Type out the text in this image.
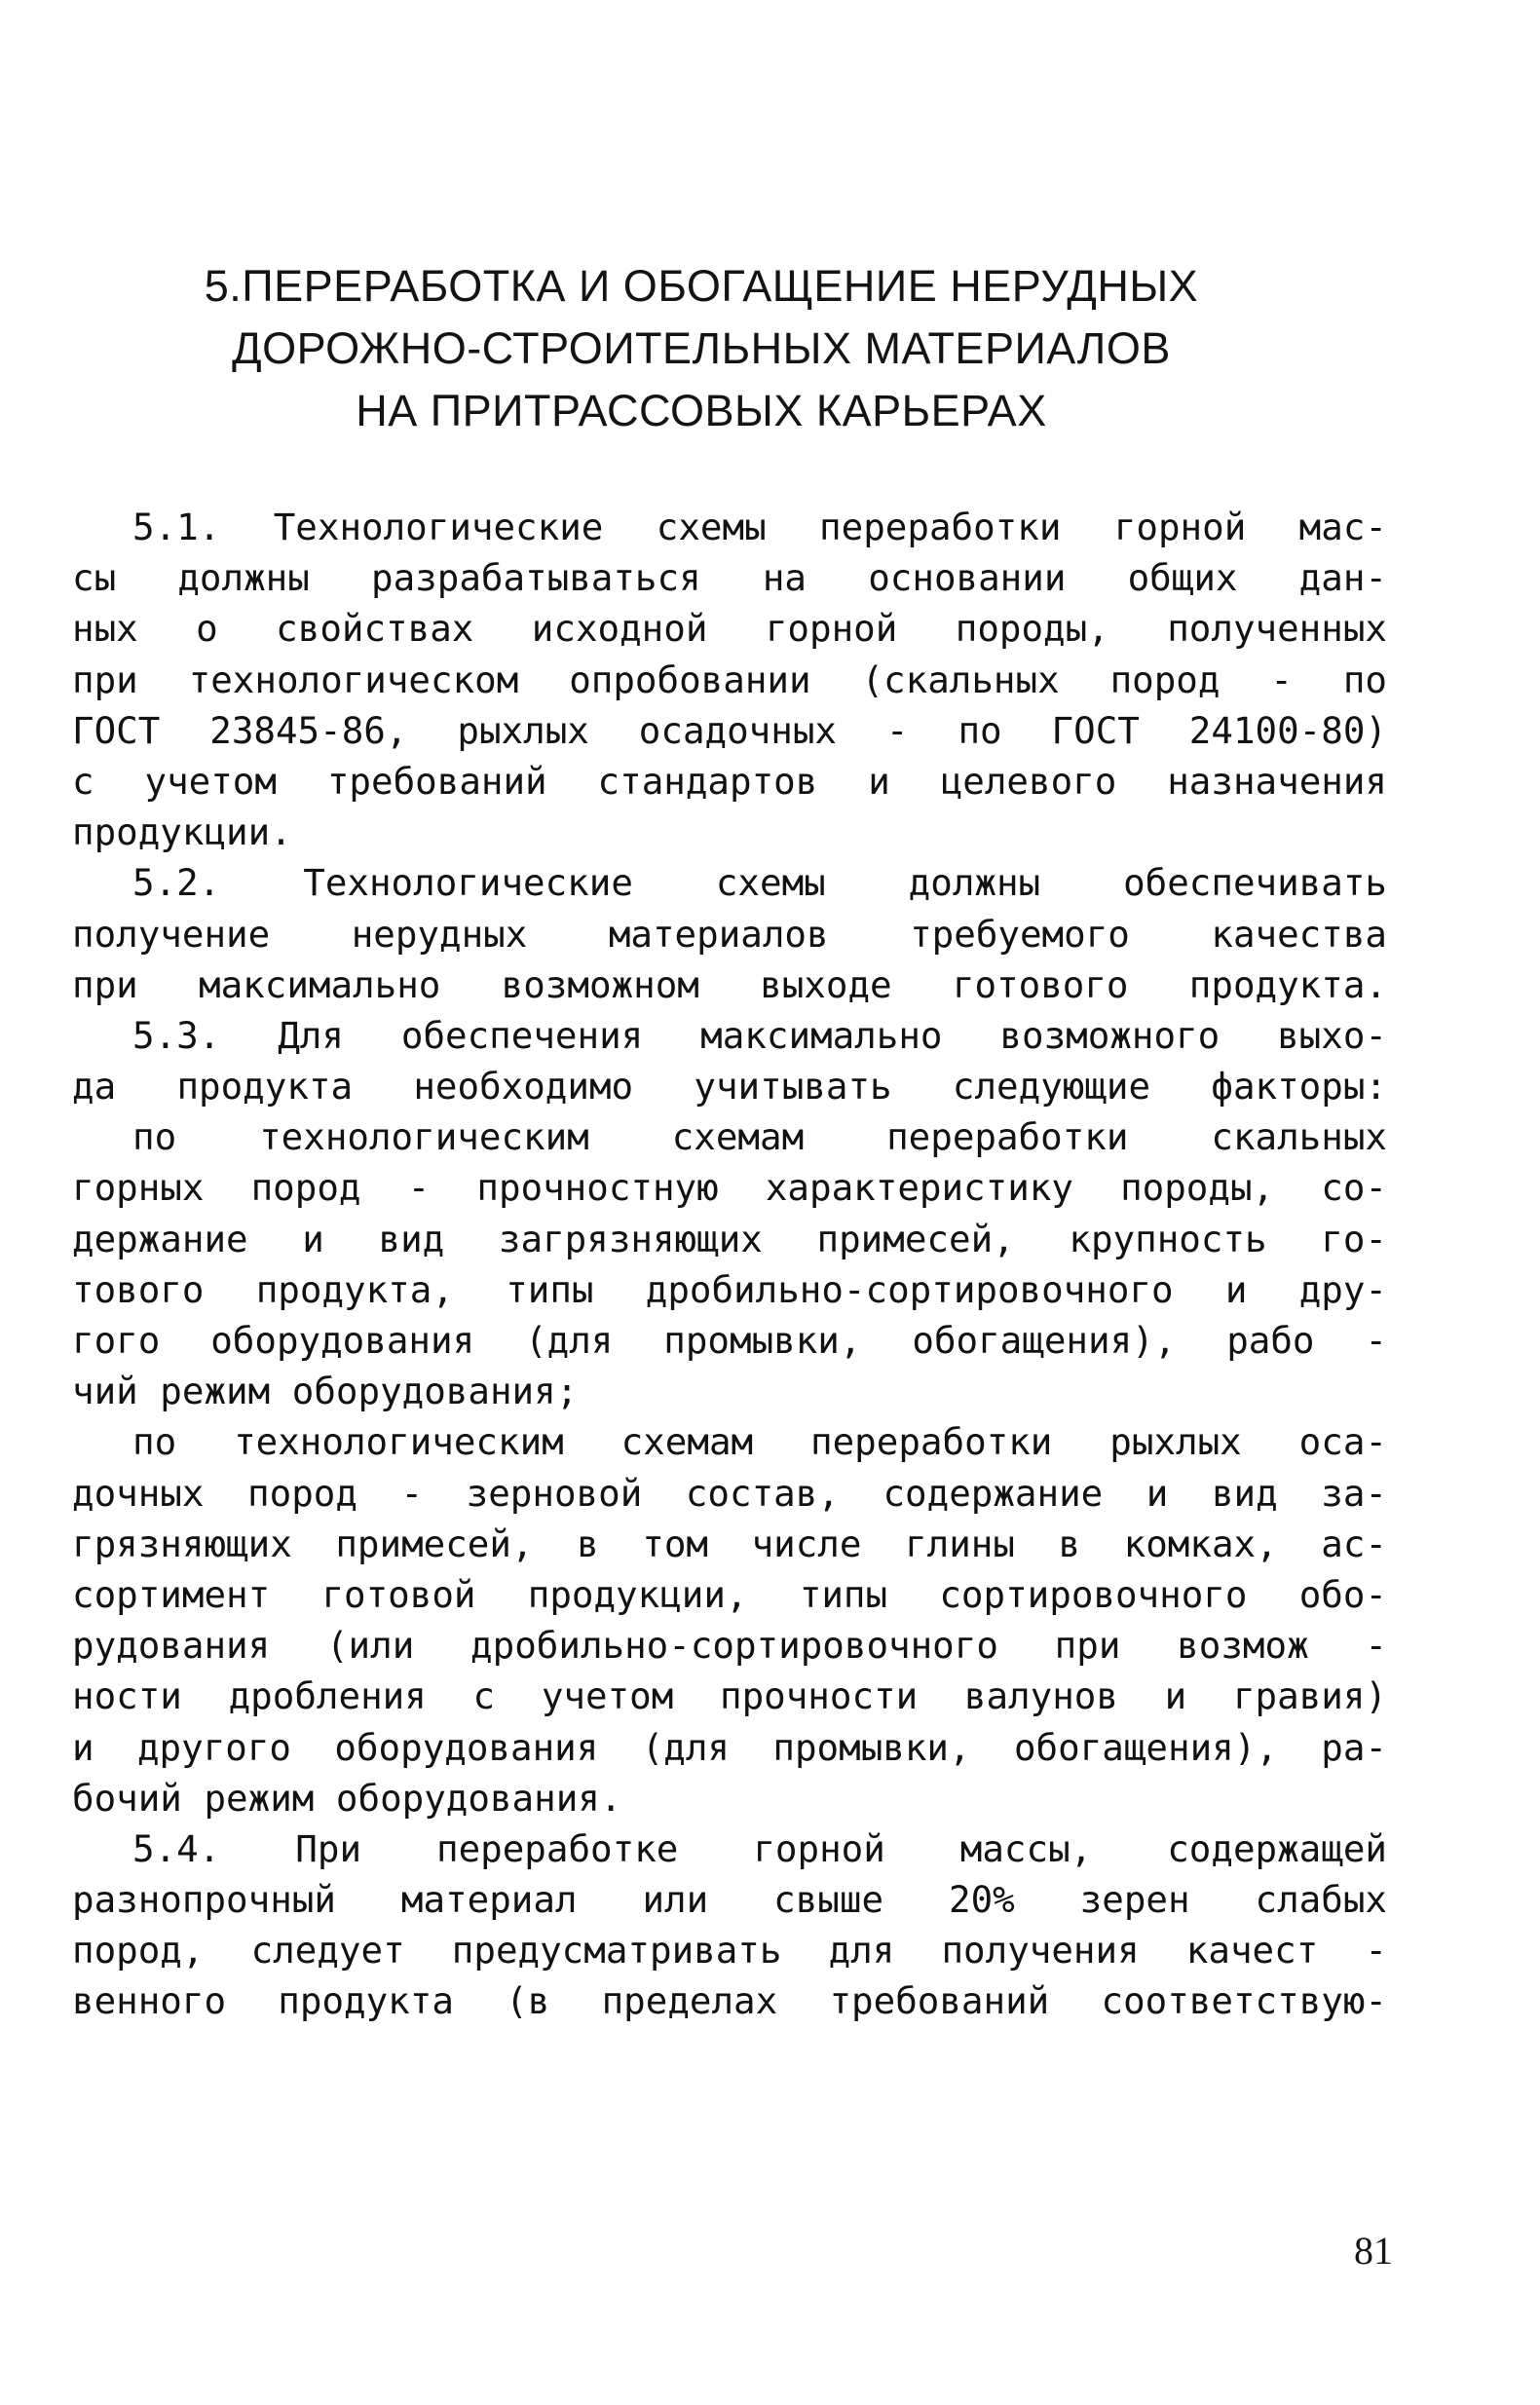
5.ПЕРЕРАБОТКА И ОБОГАЩЕНИЕ НЕРУДНЫХ
ДОРОЖНО-СТРОИТЕЛЬНЫХ МАТЕРИАЛОВ
НА ПРИТРАССОВЫХ КАРЬЕРАХ
5.1. Технологические схемы переработки горной мас-
сы должны разрабатываться на основании общих дан-
ных о свойствах исходной горной породы, полученных
при технологическом опробовании (скальных пород - по
ГОСТ 23845-86, рыхлых осадочных - по ГОСТ 24100-80)
с учетом требований стандартов и целевого назначения
продукции.
5.2. Технологические схемы должны обеспечивать
получение нерудных материалов требуемого качества
при максимально возможном выходе готового продукта.
5.3. Для обеспечения максимально возможного выхо-
да продукта необходимо учитывать следующие факторы:
по технологическим схемам переработки скальных
горных пород - прочностную характеристику породы, со-
держание и вид загрязняющих примесей, крупность го-
тового продукта, типы дробильно-сортировочного и дру-
гого оборудования (для промывки, обогащения), рабо -
чий режим оборудования;
по технологическим схемам переработки рыхлых оса-
дочных пород - зерновой состав, содержание и вид за-
грязняющих примесей, в том числе глины в комках, ас-
сортимент готовой продукции, типы сортировочного обо-
рудования (или дробильно-сортировочного при возмож -
ности дробления с учетом прочности валунов и гравия)
и другого оборудования (для промывки, обогащения), ра-
бочий режим оборудования.
5.4. При переработке горной массы, содержащей
разнопрочный материал или свыше 20% зерен слабых
пород, следует предусматривать для получения качест -
венного продукта (в пределах требований соответствую-
81
